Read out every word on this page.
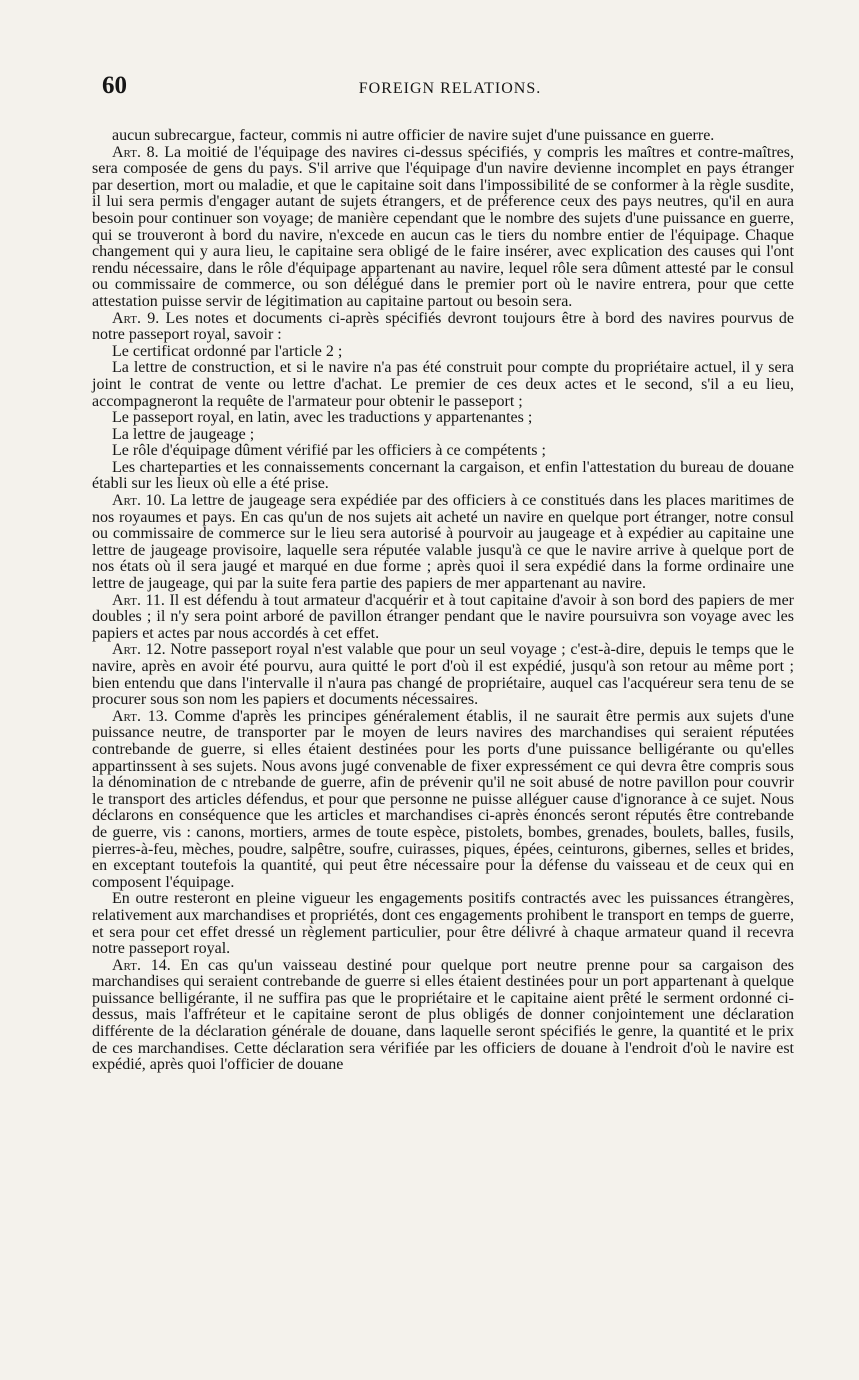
60	FOREIGN RELATIONS.

aucun subrecargue, facteur, commis ni autre officier de navire sujet d'une puissance en guerre.

Art. 8. La moitié de l'équipage des navires ci-dessus spécifiés, y compris les maîtres et contre-maîtres, sera composée de gens du pays. S'il arrive que l'équipage d'un navire devienne incomplet en pays étranger par desertion, mort ou maladie, et que le capitaine soit dans l'impossibilité de se conformer à la règle susdite, il lui sera permis d'engager autant de sujets étrangers, et de préference ceux des pays neutres, qu'il en aura besoin pour continuer son voyage; de manière cependant que le nombre des sujets d'une puissance en guerre, qui se trouveront à bord du navire, n'excede en aucun cas le tiers du nombre entier de l'équipage. Chaque changement qui y aura lieu, le capitaine sera obligé de le faire insérer, avec explication des causes qui l'ont rendu nécessaire, dans le rôle d'équipage appartenant au navire, lequel rôle sera dûment attesté par le consul ou commissaire de commerce, ou son délégué dans le premier port où le navire entrera, pour que cette attestation puisse servir de légitimation au capitaine partout ou besoin sera.

Art. 9. Les notes et documents ci-après spécifiés devront toujours être à bord des navires pourvus de notre passeport royal, savoir :

Le certificat ordonné par l'article 2 ;

La lettre de construction, et si le navire n'a pas été construit pour compte du propriétaire actuel, il y sera joint le contrat de vente ou lettre d'achat. Le premier de ces deux actes et le second, s'il a eu lieu, accompagneront la requête de l'armateur pour obtenir le passeport ;

Le passeport royal, en latin, avec les traductions y appartenantes ;

La lettre de jaugeage ;

Le rôle d'équipage dûment vérifié par les officiers à ce compétents ;

Les charteparties et les connaissements concernant la cargaison, et enfin l'attestation du bureau de douane établi sur les lieux où elle a été prise.

Art. 10. La lettre de jaugeage sera expédiée par des officiers à ce constitués dans les places maritimes de nos royaumes et pays. En cas qu'un de nos sujets ait acheté un navire en quelque port étranger, notre consul ou commissaire de commerce sur le lieu sera autorisé à pourvoir au jaugeage et à expédier au capitaine une lettre de jaugeage provisoire, laquelle sera réputée valable jusqu'à ce que le navire arrive à quelque port de nos états où il sera jaugé et marqué en due forme ; après quoi il sera expédié dans la forme ordinaire une lettre de jaugeage, qui par la suite fera partie des papiers de mer appartenant au navire.

Art. 11. Il est défendu à tout armateur d'acquérir et à tout capitaine d'avoir à son bord des papiers de mer doubles ; il n'y sera point arboré de pavillon étranger pendant que le navire poursuivra son voyage avec les papiers et actes par nous accordés à cet effet.

Art. 12. Notre passeport royal n'est valable que pour un seul voyage ; c'est-à-dire, depuis le temps que le navire, après en avoir été pourvu, aura quitté le port d'où il est expédié, jusqu'à son retour au même port ; bien entendu que dans l'intervalle il n'aura pas changé de propriétaire, auquel cas l'acquéreur sera tenu de se procurer sous son nom les papiers et documents nécessaires.

Art. 13. Comme d'après les principes généralement établis, il ne saurait être permis aux sujets d'une puissance neutre, de transporter par le moyen de leurs navires des marchandises qui seraient réputées contrebande de guerre, si elles étaient destinées pour les ports d'une puissance belligérante ou qu'elles appartinssent à ses sujets. Nous avons jugé convenable de fixer expressément ce qui devra être compris sous la dénomination de c ntrebande de guerre, afin de prévenir qu'il ne soit abusé de notre pavillon pour couvrir le transport des articles défendus, et pour que personne ne puisse alléguer cause d'ignorance à ce sujet. Nous déclarons en conséquence que les articles et marchandises ci-après énoncés seront réputés être contrebande de guerre, vis : canons, mortiers, armes de toute espèce, pistolets, bombes, grenades, boulets, balles, fusils, pierres-à-feu, mèches, poudre, salpêtre, soufre, cuirasses, piques, épées, ceinturons, gibernes, selles et brides, en exceptant toutefois la quantité, qui peut être nécessaire pour la défense du vaisseau et de ceux qui en composent l'équipage.

En outre resteront en pleine vigueur les engagements positifs contractés avec les puissances étrangères, relativement aux marchandises et propriétés, dont ces engagements prohibent le transport en temps de guerre, et sera pour cet effet dressé un règlement particulier, pour être délivré à chaque armateur quand il recevra notre passeport royal.

Art. 14. En cas qu'un vaisseau destiné pour quelque port neutre prenne pour sa cargaison des marchandises qui seraient contrebande de guerre si elles étaient destinées pour un port appartenant à quelque puissance belligérante, il ne suffira pas que le propriétaire et le capitaine aient prêté le serment ordonné ci-dessus, mais l'affréteur et le capitaine seront de plus obligés de donner conjointement une déclaration différente de la déclaration générale de douane, dans laquelle seront spécifiés le genre, la quantité et le prix de ces marchandises. Cette déclaration sera vérifiée par les officiers de douane à l'endroit d'où le navire est expédié, après quoi l'officier de douane
